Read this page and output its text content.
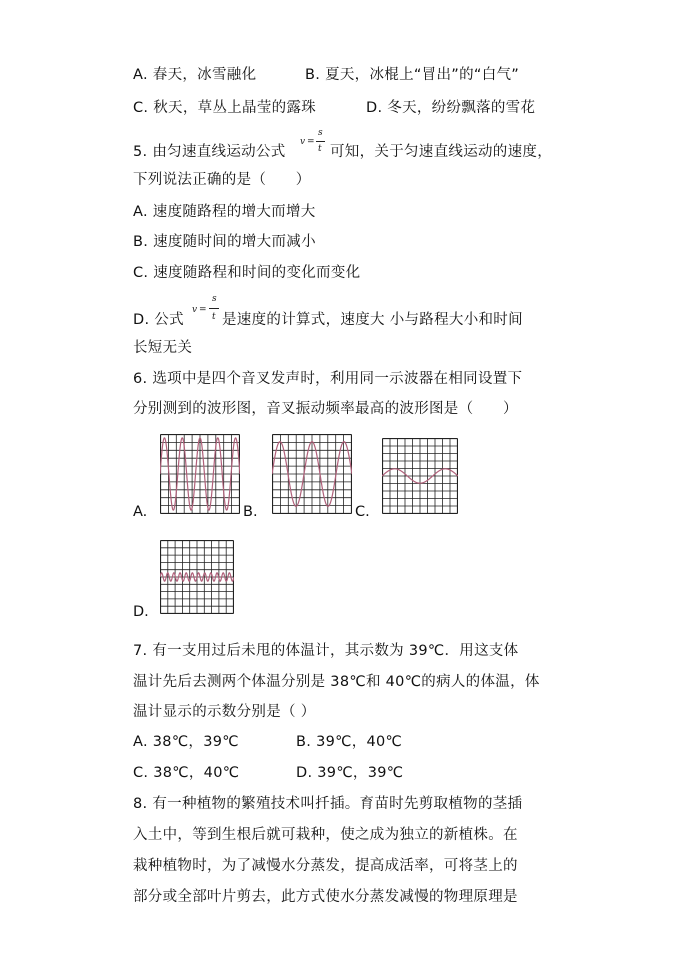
A. 春天，冰雪融化	B. 夏天，冰棍上“冒出”的“白气”
C. 秋天，草丛上晶莹的露珠	D. 冬天，纷纷飘落的雪花
5. 由匀速直线运动公式
v =
s
t 可知，关于匀速直线运动的速度，
下列说法正确的是（　　）
A. 速度随路程的增大而增大
B. 速度随时间的增大而减小
C. 速度随路程和时间的变化而变化
D. 公式
v =
s
t 是速度的计算式，速度大 小与路程大小和时间
长短无关
6. 选项中是四个音叉发声时，利用同一示波器在相同设置下
分别测到的波形图，音叉振动频率最高的波形图是（　　）
A.	B.	C.
D.
7. 有一支用过后未甩的体温计，其示数为 39℃．用这支体
温计先后去测两个体温分别是 38℃和 40℃的病人的体温，体
温计显示的示数分别是（ ）
A. 38℃，39℃	B. 39℃，40℃
C. 38℃，40℃	D. 39℃，39℃
8. 有一种植物的繁殖技术叫扦插。育苗时先剪取植物的茎插
入土中，等到生根后就可栽种，使之成为独立的新植株。在
栽种植物时，为了减慢水分蒸发，提高成活率，可将茎上的
部分或全部叶片剪去，此方式使水分蒸发减慢的物理原理是
